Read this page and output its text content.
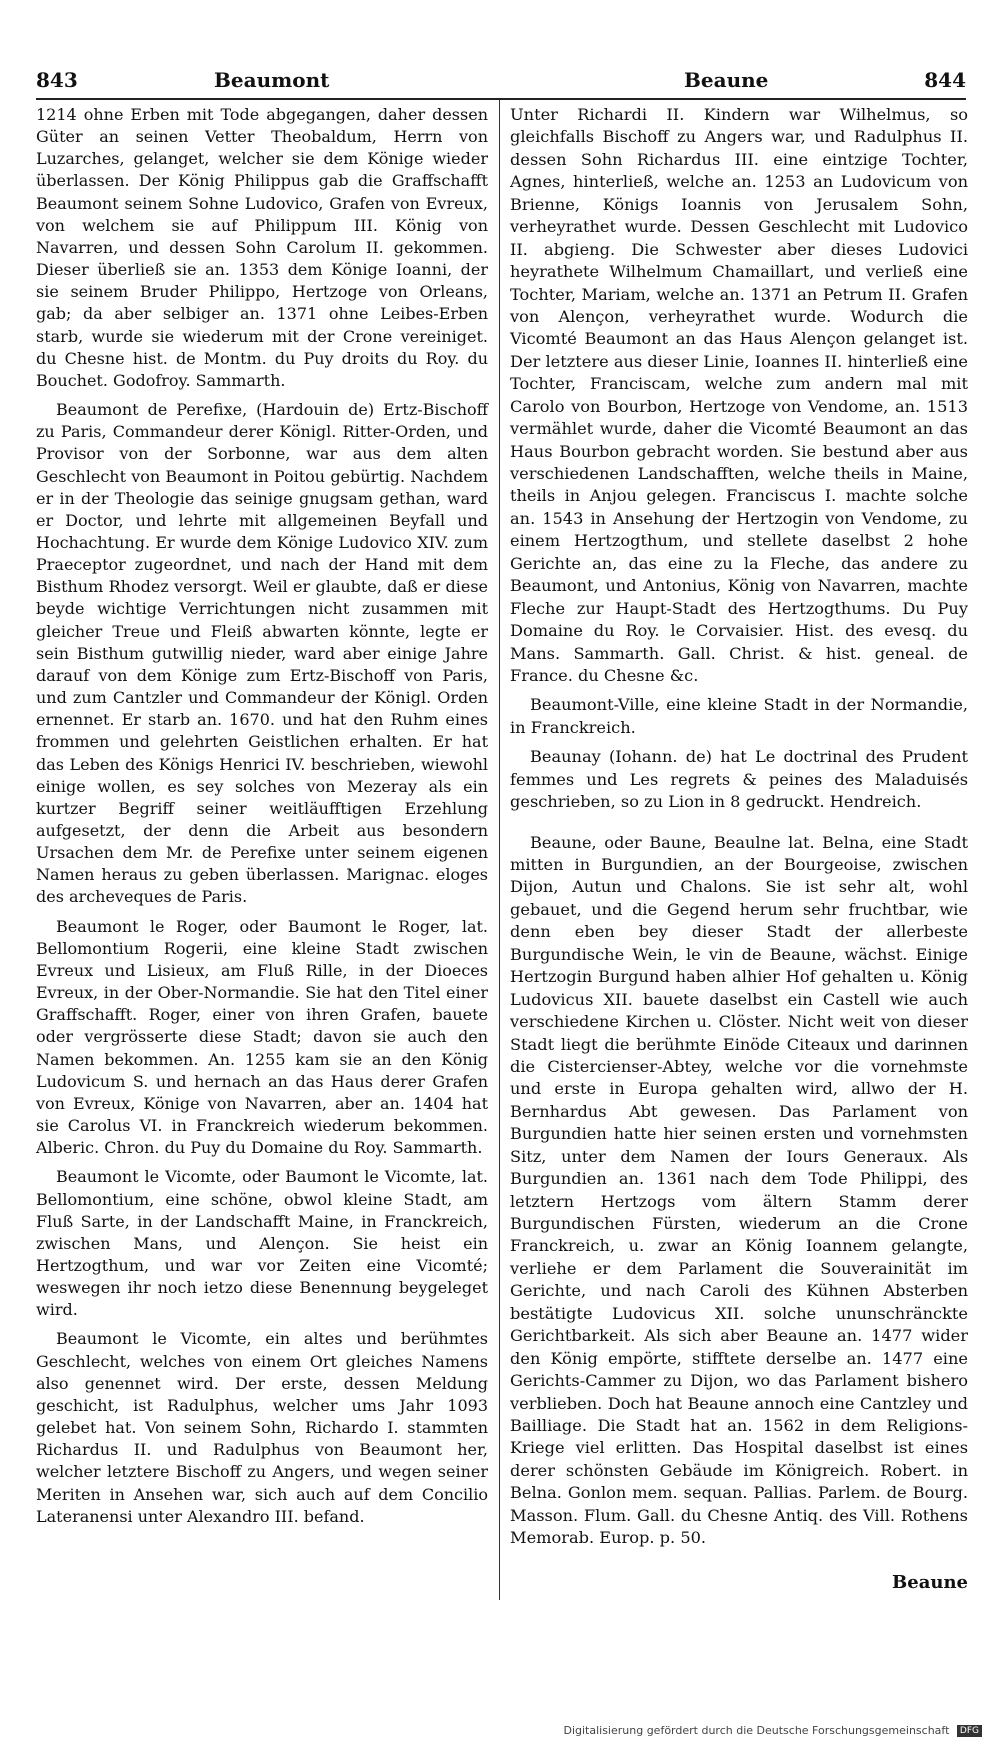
843	Beaumont	Beaune	844

1214 ohne Erben mit Tode abgegangen, daher dessen Güter an seinen Vetter Theobaldum, Herrn von Luzarches, gelanget, welcher sie dem Könige wieder überlassen. Der König Philippus gab die Graffschafft Beaumont seinem Sohne Ludovico, Grafen von Evreux, von welchem sie auf Philippum III. König von Navarren, und dessen Sohn Carolum II. gekommen. Dieser überließ sie an. 1353 dem Könige Ioanni, der sie seinem Bruder Philippo, Hertzoge von Orleans, gab; da aber selbiger an. 1371 ohne Leibes-Erben starb, wurde sie wiederum mit der Crone vereiniget. du Chesne hist. de Montm. du Puy droits du Roy. du Bouchet. Godofroy. Sammarth.

Beaumont de Perefixe, (Hardouin de) Ertz-Bischoff zu Paris, Commandeur derer Königl. Ritter-Orden, und Provisor von der Sorbonne, war aus dem alten Geschlecht von Beaumont in Poitou gebürtig. Nachdem er in der Theologie das seinige gnugsam gethan, ward er Doctor, und lehrte mit allgemeinen Beyfall und Hochachtung. Er wurde dem Könige Ludovico XIV. zum Praeceptor zugeordnet, und nach der Hand mit dem Bisthum Rhodez versorgt. Weil er glaubte, daß er diese beyde wichtige Verrichtungen nicht zusammen mit gleicher Treue und Fleiß abwarten könnte, legte er sein Bisthum gutwillig nieder, ward aber einige Jahre darauf von dem Könige zum Ertz-Bischoff von Paris, und zum Cantzler und Commandeur der Königl. Orden ernennet. Er starb an. 1670. und hat den Ruhm eines frommen und gelehrten Geistlichen erhalten. Er hat das Leben des Königs Henrici IV. beschrieben, wiewohl einige wollen, es sey solches von Mezeray als ein kurtzer Begriff seiner weitläufftigen Erzehlung aufgesetzt, der denn die Arbeit aus besondern Ursachen dem Mr. de Perefixe unter seinem eigenen Namen heraus zu geben überlassen. Marignac. eloges des archeveques de Paris.

Beaumont le Roger, oder Baumont le Roger, lat. Bellomontium Rogerii, eine kleine Stadt zwischen Evreux und Lisieux, am Fluß Rille, in der Dioeces Evreux, in der Ober-Normandie. Sie hat den Titel einer Graffschafft. Roger, einer von ihren Grafen, bauete oder vergrösserte diese Stadt; davon sie auch den Namen bekommen. An. 1255 kam sie an den König Ludovicum S. und hernach an das Haus derer Grafen von Evreux, Könige von Navarren, aber an. 1404 hat sie Carolus VI. in Franckreich wiederum bekommen. Alberic. Chron. du Puy du Domaine du Roy. Sammarth.

Beaumont le Vicomte, oder Baumont le Vicomte, lat. Bellomontium, eine schöne, obwol kleine Stadt, am Fluß Sarte, in der Landschafft Maine, in Franckreich, zwischen Mans, und Alençon. Sie heist ein Hertzogthum, und war vor Zeiten eine Vicomté; weswegen ihr noch ietzo diese Benennung beygeleget wird.

Beaumont le Vicomte, ein altes und berühmtes Geschlecht, welches von einem Ort gleiches Namens also genennet wird. Der erste, dessen Meldung geschicht, ist Radulphus, welcher ums Jahr 1093 gelebet hat. Von seinem Sohn, Richardo I. stammten Richardus II. und Radulphus von Beaumont her, welcher letztere Bischoff zu Angers, und wegen seiner Meriten in Ansehen war, sich auch auf dem Concilio Lateranensi unter Alexandro III. befand.

Unter Richardi II. Kindern war Wilhelmus, so gleichfalls Bischoff zu Angers war, und Radulphus II. dessen Sohn Richardus III. eine eintzige Tochter, Agnes, hinterließ, welche an. 1253 an Ludovicum von Brienne, Königs Ioannis von Jerusalem Sohn, verheyrathet wurde. Dessen Geschlecht mit Ludovico II. abgieng. Die Schwester aber dieses Ludovici heyrathete Wilhelmum Chamaillart, und verließ eine Tochter, Mariam, welche an. 1371 an Petrum II. Grafen von Alençon, verheyrathet wurde. Wodurch die Vicomté Beaumont an das Haus Alençon gelanget ist. Der letztere aus dieser Linie, Ioannes II. hinterließ eine Tochter, Franciscam, welche zum andern mal mit Carolo von Bourbon, Hertzoge von Vendome, an. 1513 vermählet wurde, daher die Vicomté Beaumont an das Haus Bourbon gebracht worden. Sie bestund aber aus verschiedenen Landschafften, welche theils in Maine, theils in Anjou gelegen. Franciscus I. machte solche an. 1543 in Ansehung der Hertzogin von Vendome, zu einem Hertzogthum, und stellete daselbst 2 hohe Gerichte an, das eine zu la Fleche, das andere zu Beaumont, und Antonius, König von Navarren, machte Fleche zur Haupt-Stadt des Hertzogthums. Du Puy Domaine du Roy. le Corvaisier. Hist. des evesq. du Mans. Sammarth. Gall. Christ. & hist. geneal. de France. du Chesne &c.

Beaumont-Ville, eine kleine Stadt in der Normandie, in Franckreich.

Beaunay (Iohann. de) hat Le doctrinal des Prudent femmes und Les regrets & peines des Maladuisés geschrieben, so zu Lion in 8 gedruckt. Hendreich.

Beaune, oder Baune, Beaulne lat. Belna, eine Stadt mitten in Burgundien, an der Bourgeoise, zwischen Dijon, Autun und Chalons. Sie ist sehr alt, wohl gebauet, und die Gegend herum sehr fruchtbar, wie denn eben bey dieser Stadt der allerbeste Burgundische Wein, le vin de Beaune, wächst. Einige Hertzogin Burgund haben alhier Hof gehalten u. König Ludovicus XII. bauete daselbst ein Castell wie auch verschiedene Kirchen u. Clöster. Nicht weit von dieser Stadt liegt die berühmte Einöde Citeaux und darinnen die Cistercienser-Abtey, welche vor die vornehmste und erste in Europa gehalten wird, allwo der H. Bernhardus Abt gewesen. Das Parlament von Burgundien hatte hier seinen ersten und vornehmsten Sitz, unter dem Namen der Iours Generaux. Als Burgundien an. 1361 nach dem Tode Philippi, des letztern Hertzogs vom ältern Stamm derer Burgundischen Fürsten, wiederum an die Crone Franckreich, u. zwar an König Ioannem gelangte, verliehe er dem Parlament die Souverainität im Gerichte, und nach Caroli des Kühnen Absterben bestätigte Ludovicus XII. solche ununschränckte Gerichtbarkeit. Als sich aber Beaune an. 1477 wider den König empörte, stifftete derselbe an. 1477 eine Gerichts-Cammer zu Dijon, wo das Parlament bishero verblieben. Doch hat Beaune annoch eine Cantzley und Bailliage. Die Stadt hat an. 1562 in dem Religions-Kriege viel erlitten. Das Hospital daselbst ist eines derer schönsten Gebäude im Königreich. Robert. in Belna. Gonlon mem. sequan. Pallias. Parlem. de Bourg. Masson. Flum. Gall. du Chesne Antiq. des Vill. Rothens Memorab. Europ. p. 50.

Beaune
Digitalisierung gefördert durch die Deutsche Forschungsgemeinschaft DFG
